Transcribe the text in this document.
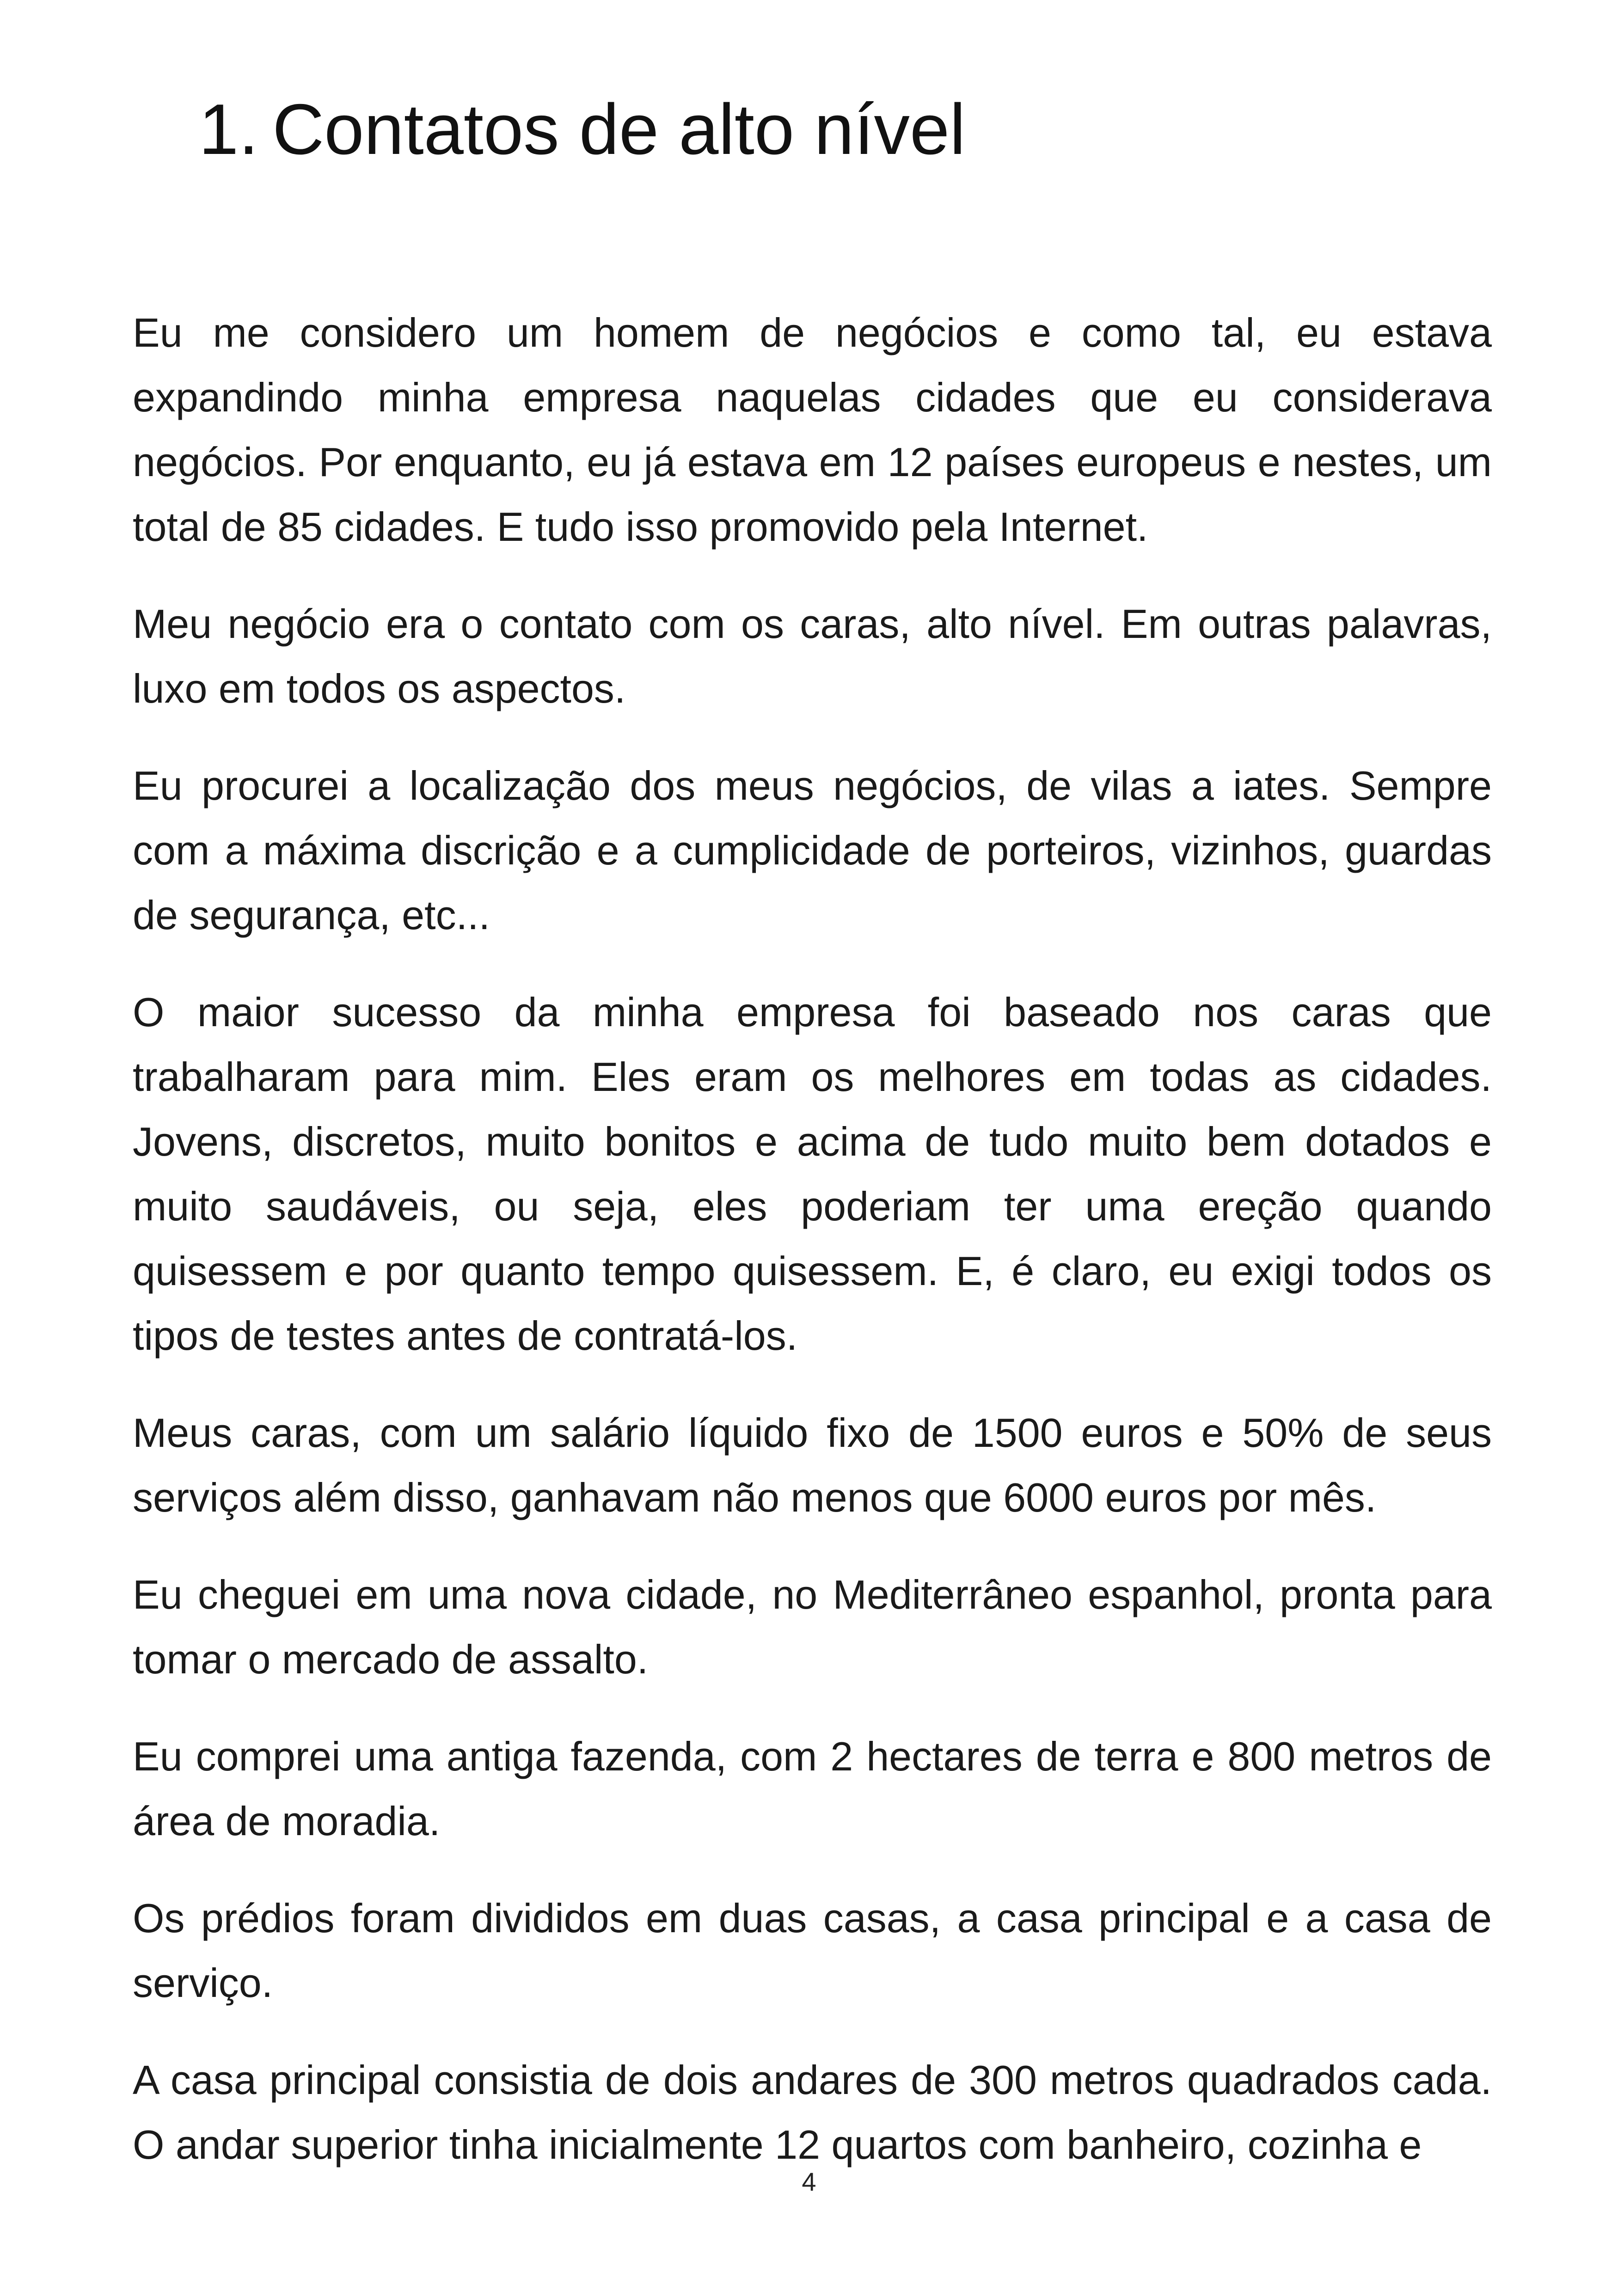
1. Contatos de alto nível

Eu me considero um homem de negócios e como tal, eu estava expandindo minha empresa naquelas cidades que eu considerava negócios. Por enquanto, eu já estava em 12 países europeus e nestes, um total de 85 cidades. E tudo isso promovido pela Internet.

Meu negócio era o contato com os caras, alto nível. Em outras palavras, luxo em todos os aspectos.

Eu procurei a localização dos meus negócios, de vilas a iates. Sempre com a máxima discrição e a cumplicidade de porteiros, vizinhos, guardas de segurança, etc...

O maior sucesso da minha empresa foi baseado nos caras que trabalharam para mim. Eles eram os melhores em todas as cidades. Jovens, discretos, muito bonitos e acima de tudo muito bem dotados e muito saudáveis, ou seja, eles poderiam ter uma ereção quando quisessem e por quanto tempo quisessem. E, é claro, eu exigi todos os tipos de testes antes de contratá-los.

Meus caras, com um salário líquido fixo de 1500 euros e 50% de seus serviços além disso, ganhavam não menos que 6000 euros por mês.

Eu cheguei em uma nova cidade, no Mediterrâneo espanhol, pronta para tomar o mercado de assalto.

Eu comprei uma antiga fazenda, com 2 hectares de terra e 800 metros de área de moradia.

Os prédios foram divididos em duas casas, a casa principal e a casa de serviço.

A casa principal consistia de dois andares de 300 metros quadrados cada. O andar superior tinha inicialmente 12 quartos com banheiro, cozinha e

4
